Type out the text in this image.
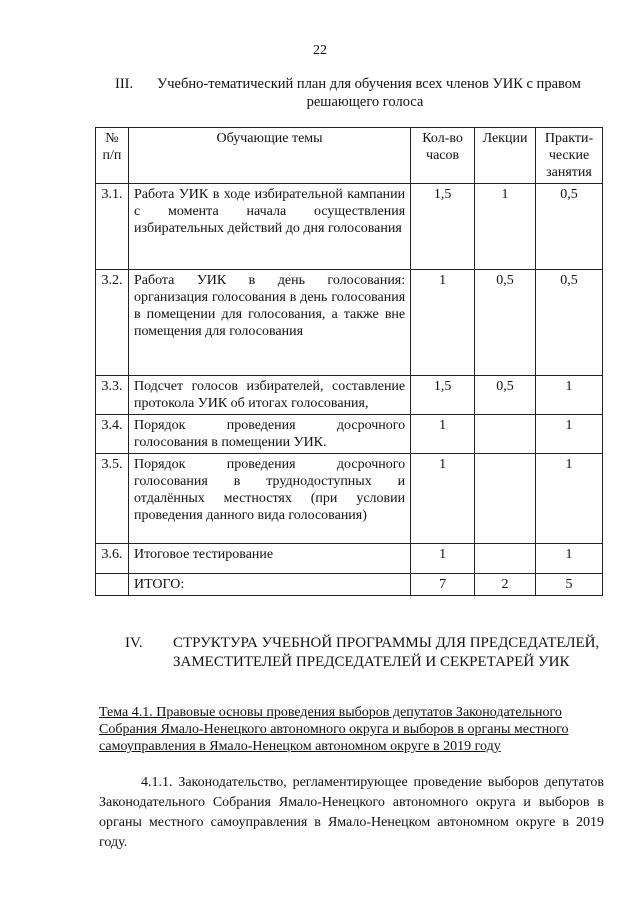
22
III.	Учебно-тематический план для обучения всех членов УИК с правом
решающего голоса
№ п/п	Обучающие темы	Кол-во часов	Лекции	Практи-ческие занятия
3.1.	Работа УИК в ходе избирательной кампании с момента начала осуществления избирательных действий до дня голосования	1,5	1	0,5
3.2.	Работа УИК в день голосования: организация голосования в день голосования в помещении для голосования, а также вне помещения для голосования	1	0,5	0,5
3.3.	Подсчет голосов избирателей, составление протокола УИК об итогах голосования,	1,5	0,5	1
3.4.	Порядок проведения досрочного голосования в помещении УИК.	1		1
3.5.	Порядок проведения досрочного голосования в труднодоступных и отдалённых местностях (при условии проведения данного вида голосования)	1		1
3.6.	Итоговое тестирование	1		1
	ИТОГО:	7	2	5
IV.	СТРУКТУРА УЧЕБНОЙ ПРОГРАММЫ ДЛЯ ПРЕДСЕДАТЕЛЕЙ,
ЗАМЕСТИТЕЛЕЙ ПРЕДСЕДАТЕЛЕЙ И СЕКРЕТАРЕЙ УИК
Тема 4.1. Правовые основы проведения выборов депутатов Законодательного Собрания Ямало-Ненецкого автономного округа и выборов в органы местного самоуправления в Ямало-Ненецком автономном округе в 2019 году
4.1.1. Законодательство, регламентирующее проведение выборов депутатов Законодательного Собрания Ямало-Ненецкого автономного округа и выборов в органы местного самоуправления в Ямало-Ненецком автономном округе в 2019 году.
